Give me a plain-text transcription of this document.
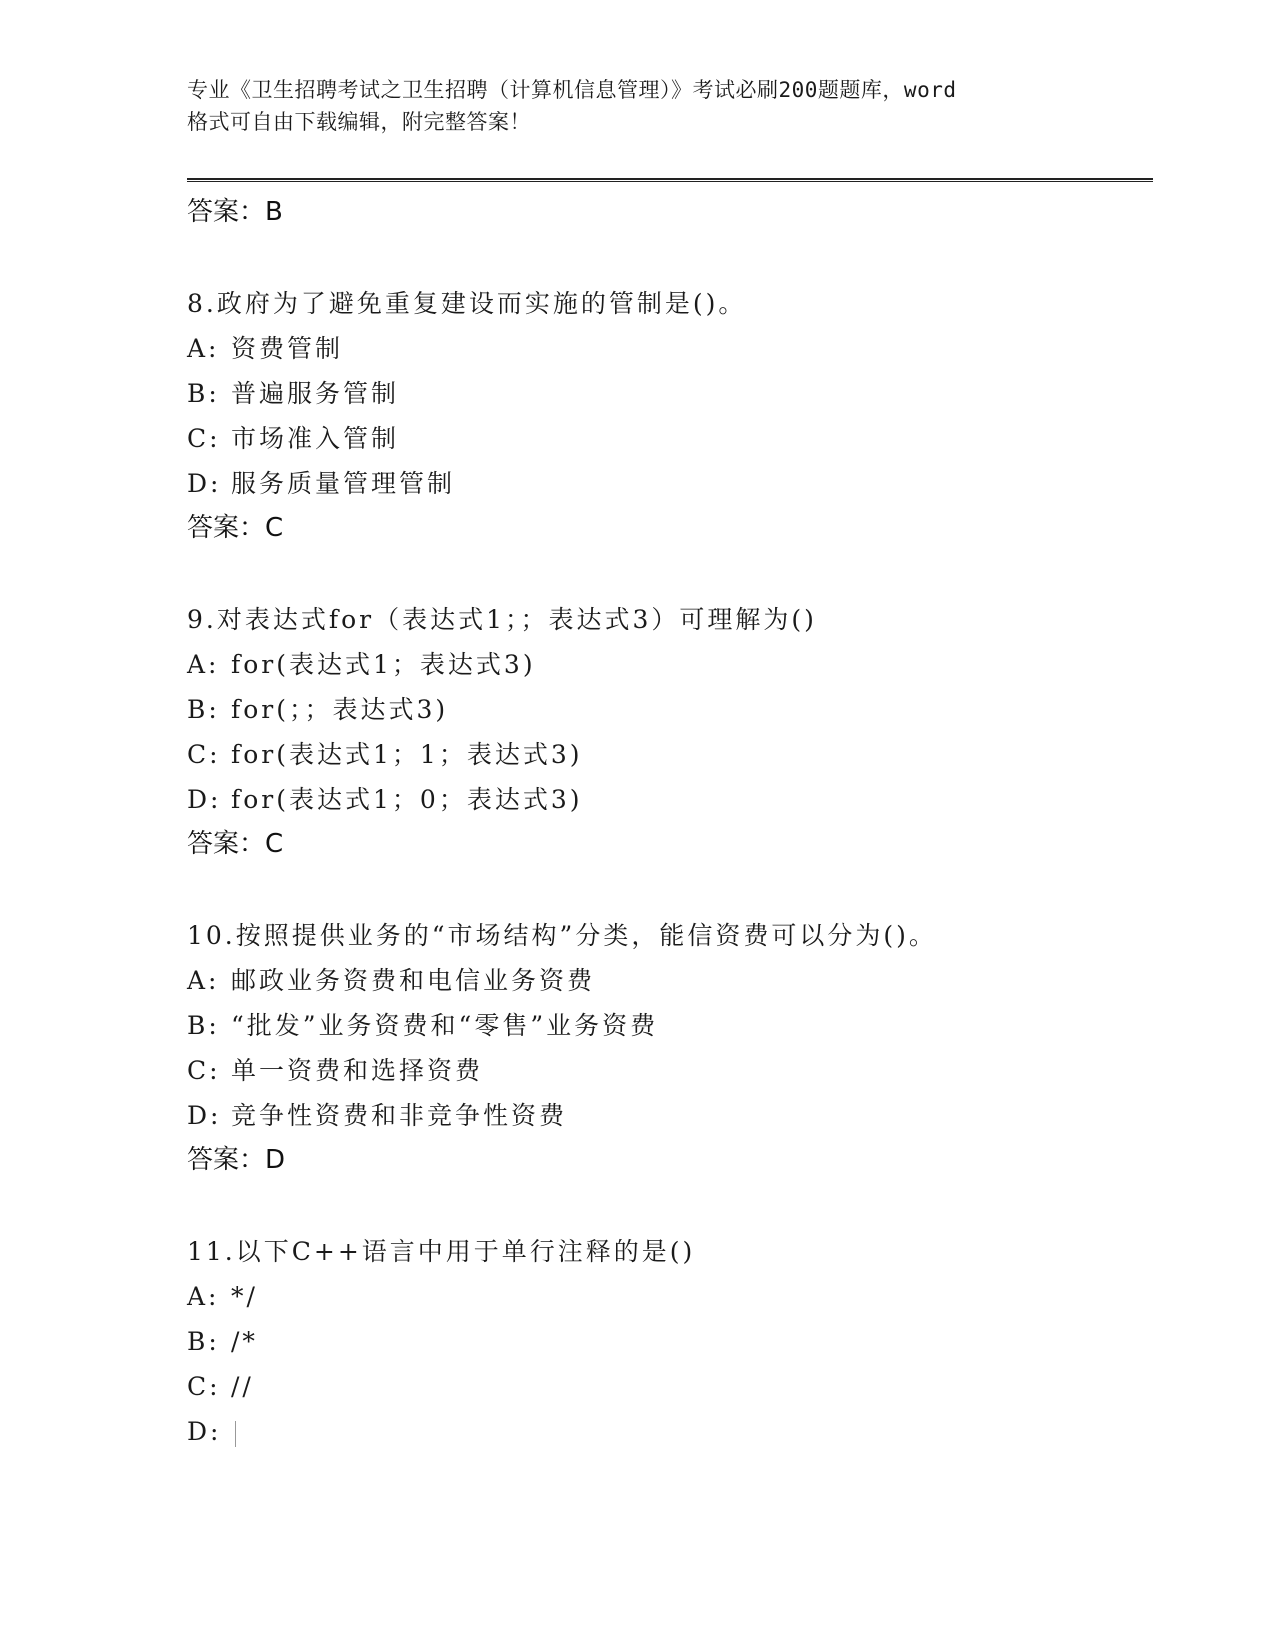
专业《卫生招聘考试之卫生招聘（计算机信息管理）》考试必刷200题题库，word
格式可自由下载编辑，附完整答案！
答案：B
8.政府为了避免重复建设而实施的管制是()。
A: 资费管制
B: 普遍服务管制
C: 市场准入管制
D: 服务质量管理管制
答案：C
9.对表达式for（表达式1；；表达式3）可理解为()
A: for(表达式1；表达式3)
B: for(；；表达式3)
C: for(表达式1；1；表达式3)
D: for(表达式1；0；表达式3)
答案：C
10.按照提供业务的“市场结构”分类，能信资费可以分为()。
A: 邮政业务资费和电信业务资费
B: “批发”业务资费和“零售”业务资费
C: 单一资费和选择资费
D: 竞争性资费和非竞争性资费
答案：D
11.以下C++语言中用于单行注释的是()
A: */
B: /*
C: //
D:
